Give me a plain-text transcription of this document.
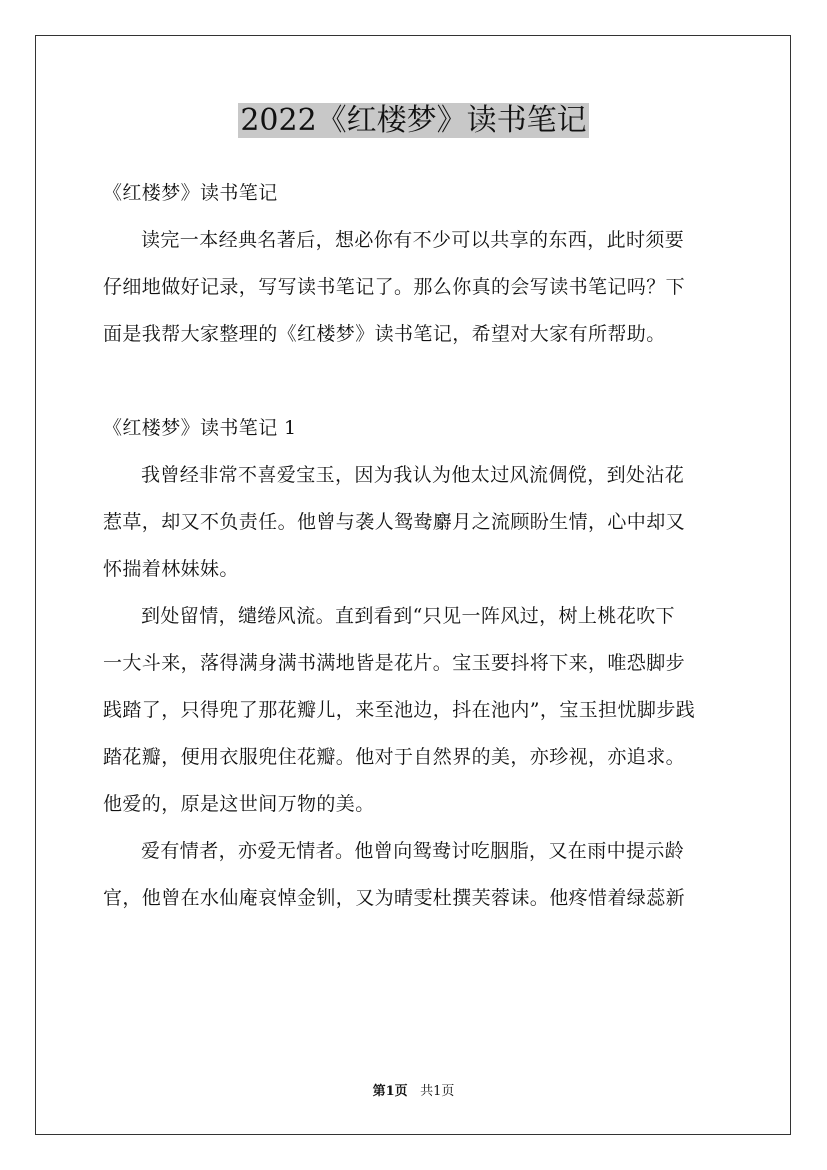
2022《红楼梦》读书笔记
《红楼梦》读书笔记
读完一本经典名著后，想必你有不少可以共享的东西，此时须要
仔细地做好记录，写写读书笔记了。那么你真的会写读书笔记吗？下
面是我帮大家整理的《红楼梦》读书笔记，希望对大家有所帮助。
《红楼梦》读书笔记 1
我曾经非常不喜爱宝玉，因为我认为他太过风流倜傥，到处沾花
惹草，却又不负责任。他曾与袭人鸳鸯麝月之流顾盼生情，心中却又
怀揣着林妹妹。
到处留情，缱绻风流。直到看到“只见一阵风过，树上桃花吹下
一大斗来，落得满身满书满地皆是花片。宝玉要抖将下来，唯恐脚步
践踏了，只得兜了那花瓣儿，来至池边，抖在池内”，宝玉担忧脚步践
踏花瓣，便用衣服兜住花瓣。他对于自然界的美，亦珍视，亦追求。
他爱的，原是这世间万物的美。
爱有情者，亦爱无情者。他曾向鸳鸯讨吃胭脂，又在雨中提示龄
官，他曾在水仙庵哀悼金钏，又为晴雯杜撰芙蓉诔。他疼惜着绿蕊新
第1页 共1页
